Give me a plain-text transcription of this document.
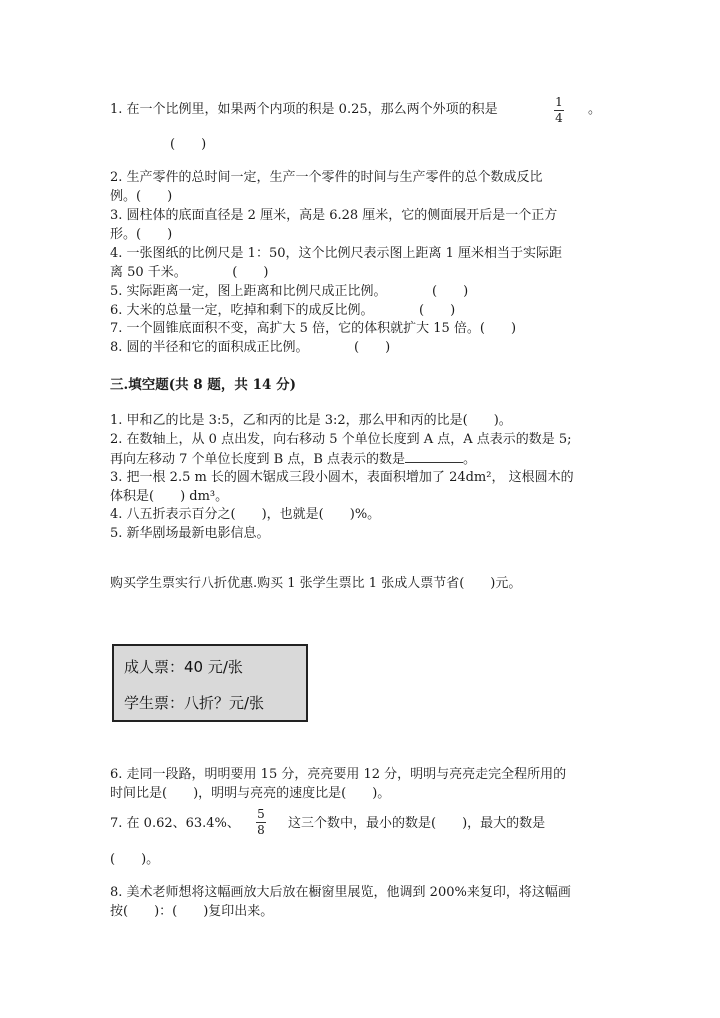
1. 在一个比例里，如果两个内项的积是 0.25，那么两个外项的积是	1
4
。
(　　)
2. 生产零件的总时间一定，生产一个零件的时间与生产零件的总个数成反比
例。(　　)
3. 圆柱体的底面直径是 2 厘米，高是 6.28 厘米，它的侧面展开后是一个正方
形。(　　)
4. 一张图纸的比例尺是 1：50，这个比例尺表示图上距离 1 厘米相当于实际距
离 50 千米。　　　　(　　)
5. 实际距离一定，图上距离和比例尺成正比例。　　　　(　　)
6. 大米的总量一定，吃掉和剩下的成反比例。　　　　(　　)
7. 一个圆锥底面积不变，高扩大 5 倍，它的体积就扩大 15 倍。(　　)
8. 圆的半径和它的面积成正比例。　　　　(　　)
三.填空题(共 8 题，共 14 分)
1. 甲和乙的比是 3:5，乙和丙的比是 3:2，那么甲和丙的比是(　　)。
2. 在数轴上，从 0 点出发，向右移动 5 个单位长度到 A 点，A 点表示的数是 5;
再向左移动 7 个单位长度到 B 点，B 点表示的数是	。
3. 把一根 2.5 m 长的圆木锯成三段小圆木，表面积增加了 24dm²， 这根圆木的
体积是(　　) dm³。
4. 八五折表示百分之(　　)，也就是(　　)%。
5. 新华剧场最新电影信息。
购买学生票实行八折优惠.购买 1 张学生票比 1 张成人票节省(　　)元。
成人票：40 元/张
学生票：八折？元/张
6. 走同一段路，明明要用 15 分，亮亮要用 12 分，明明与亮亮走完全程所用的
时间比是(　　)，明明与亮亮的速度比是(　　)。
7. 在 0.62、63.4%、
5
8 这三个数中，最小的数是(　　)，最大的数是
(　　)。
8. 美术老师想将这幅画放大后放在橱窗里展览，他调到 200%来复印，将这幅画
按(　　)：(　　)复印出来。
